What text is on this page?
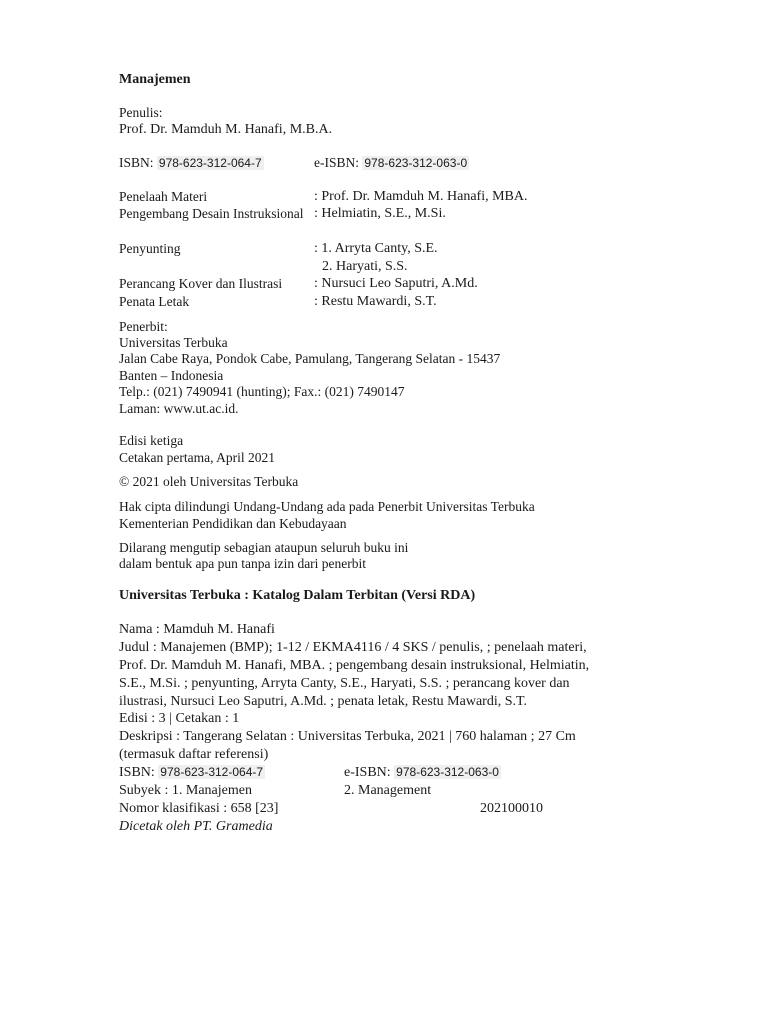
Manajemen
Penulis:
Prof. Dr. Mamduh M. Hanafi, M.B.A.
ISBN: 978-623-312-064-7	e-ISBN: 978-623-312-063-0
Penelaah Materi	: Prof. Dr. Mamduh M. Hanafi, MBA.
Pengembang Desain Instruksional : Helmiatin, S.E., M.Si.
Penyunting	: 1. Arryta Canty, S.E.
2. Haryati, S.S.
Perancang Kover dan Ilustrasi : Nursuci Leo Saputri, A.Md.
Penata Letak	: Restu Mawardi, S.T.
Penerbit:
Universitas Terbuka
Jalan Cabe Raya, Pondok Cabe, Pamulang, Tangerang Selatan - 15437
Banten – Indonesia
Telp.: (021) 7490941 (hunting); Fax.: (021) 7490147
Laman: www.ut.ac.id.
Edisi ketiga
Cetakan pertama, April 2021
© 2021 oleh Universitas Terbuka
Hak cipta dilindungi Undang-Undang ada pada Penerbit Universitas Terbuka
Kementerian Pendidikan dan Kebudayaan
Dilarang mengutip sebagian ataupun seluruh buku ini
dalam bentuk apa pun tanpa izin dari penerbit
Universitas Terbuka : Katalog Dalam Terbitan (Versi RDA)
Nama : Mamduh M. Hanafi
Judul : Manajemen (BMP); 1-12 / EKMA4116 / 4 SKS / penulis, ; penelaah materi,
Prof. Dr. Mamduh M. Hanafi, MBA. ; pengembang desain instruksional, Helmiatin,
S.E., M.Si. ; penyunting, Arryta Canty, S.E., Haryati, S.S. ; perancang kover dan
ilustrasi, Nursuci Leo Saputri, A.Md. ; penata letak, Restu Mawardi, S.T.
Edisi : 3 | Cetakan : 1
Deskripsi : Tangerang Selatan : Universitas Terbuka, 2021 | 760 halaman ; 27 Cm
(termasuk daftar referensi)
ISBN: 978-623-312-064-7	e-ISBN: 978-623-312-063-0
Subyek : 1. Manajemen	2. Management
Nomor klasifikasi : 658 [23]	202100010
Dicetak oleh PT. Gramedia
